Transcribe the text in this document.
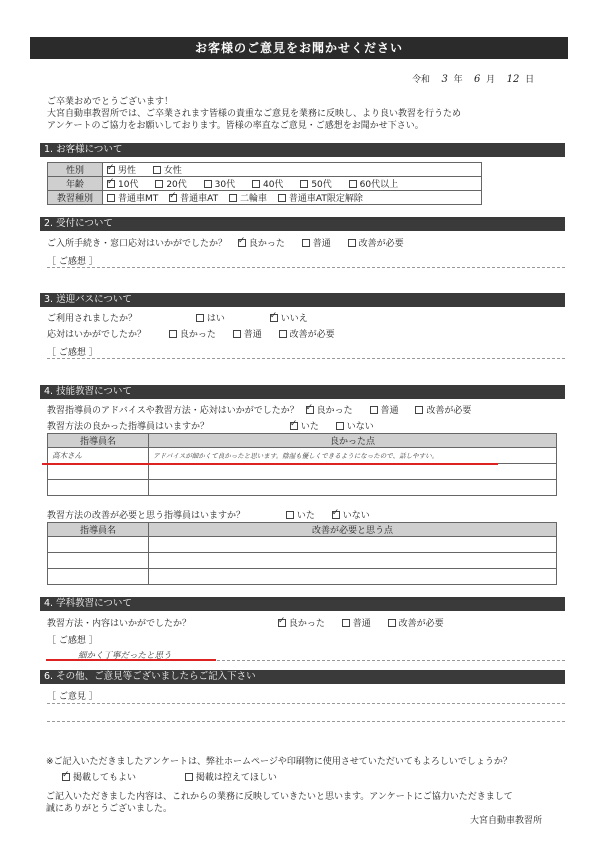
お客様のご意見をお聞かせください
令和 3 年 6 月 12 日
ご卒業おめでとうございます！
大宮自動車教習所では、ご卒業されます皆様の貴重なご意見を業務に反映し、より良い教習を行うため
アンケートのご協力をお願いしております。皆様の率直なご意見・ご感想をお聞かせ下さい。
1. お客様について
性別	✓男性 女性
年齢	✓10代 20代 30代 40代 50代 60代以上
教習種別	普通車MT ✓ 普通車AT 二輪車 普通車AT限定解除
2. 受付について
ご入所手続き・窓口応対はいかがでしたか？ ✓ 良かった	普通	改善が必要
［ ご感想 ］
3. 送迎バスについて
ご利用されましたか？	はい ✓	いいえ
応対はいかがでしたか？	良かった	普通	改善が必要
［ ご感想 ］
4. 技能教習について
教習指導員のアドバイスや教習方法・応対はいかがでしたか？ ✓ 良かった	普通	改善が必要
教習方法の良かった指導員はいますか？ ✓	いた	いない
指導員名	良かった点
高木さん	アドバイスが細かくて良かったと思います。陰湿も優しくできるようになったので、話しやすい。

教習方法の改善が必要と思う指導員はいますか？	いた ✓	いない
指導員名	改善が必要と思う点

4. 学科教習について
教習方法・内容はいかがでしたか？ ✓	良かった	普通	改善が必要
［ ご感想 ］
細かく丁寧だったと思う
6. その他、ご意見等ございましたらご記入下さい
［ ご意見 ］
※ご記入いただきましたアンケートは、弊社ホームページや印刷物に使用させていただいてもよろしいでしょうか？
✓掲載してもよい	掲載は控えてほしい
ご記入いただきました内容は、これからの業務に反映していきたいと思います。アンケートにご協力いただきまして
誠にありがとうございました。
大宮自動車教習所
